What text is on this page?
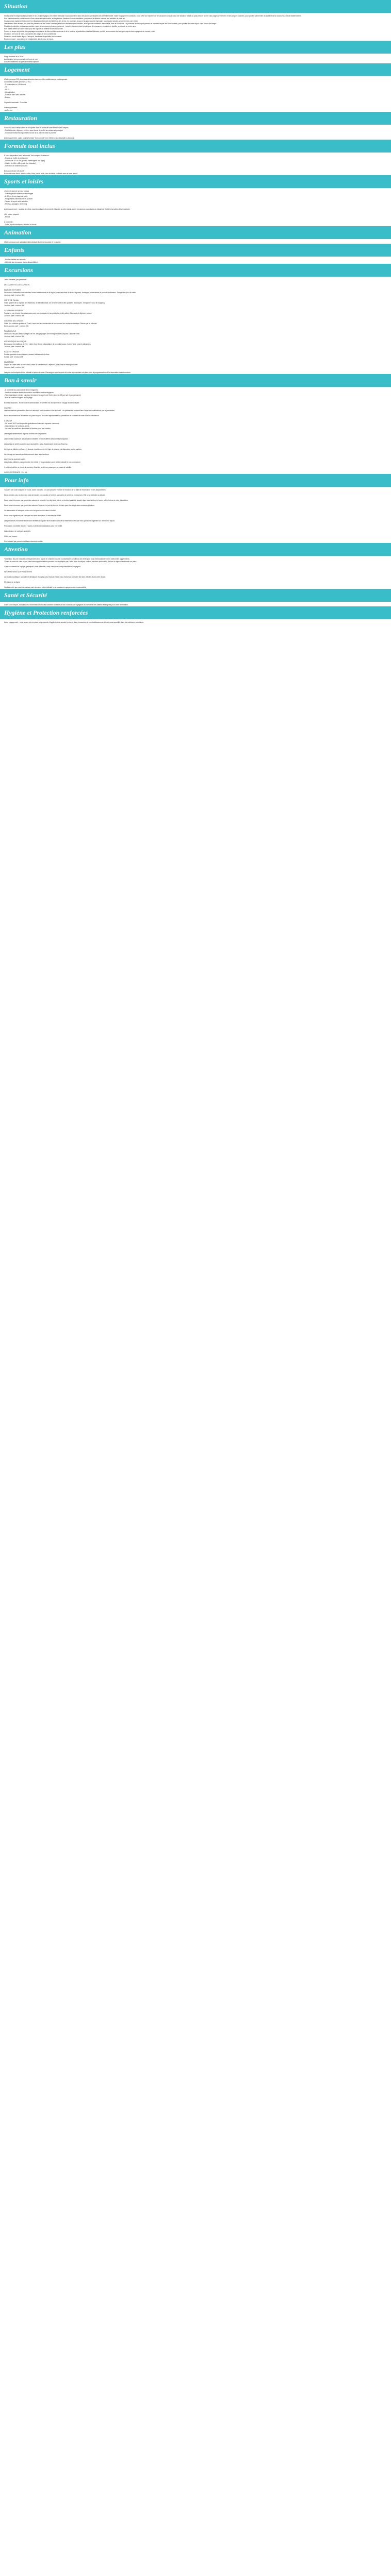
Situation
Situés dans les régions des Baléares et du Levant espagnol, les hôtels Iberostar vous accueillent dans des zones privilégiées de la Méditerranée. Notre engagement consiste à vous offrir une expérience de vacances unique avec une situation idéale au plus près de la mer, des plages préservées et des criques cachées, pour profiter pleinement du soleil et de la douceur du climat méditerranéen.
Nos établissements sont entourés d'une nature exceptionnelle, entre pinèdes, falaises et eaux cristallines, propices à la détente comme aux activités de plein air.
Vous pourrez également découvrir les villages traditionnels de l'intérieur des terres, les marchés locaux et la gastronomie régionale, à quelques minutes seulement de votre hôtel.
Les centres-villes animés, les ports de plaisance et les zones commerçantes sont facilement accessibles, ainsi que de nombreux restaurants, bars et boutiques. La proximité de l'aéroport permet un transfert rapide dès votre arrivée, pour profiter de votre séjour sans perdre de temps.
Situation privilégiée, plages accessibles à pied, environnement naturel préservé : tous les éléments sont réunis pour des vacances réussies en famille, en couple ou entre amis.
Nos hôtels offrent un cadre idéal pour les séjours de détente et de découverte.
Prenez le temps de profiter des paysages uniques de la côte méditerranéenne et de la lumière si particulière des îles Baléares, qui fait la renommée de la région auprès des voyageurs du monde entier.
Situation : en bord de mer, à proximité des plages et des commerces.
Distance : accès facile depuis l'aéroport, transferts disponibles sur demande.
Environnement : zone calme et résidentielle, idéale pour le repos.
Les plus
Plage de sable fin à 50 m
Accès direct à la promenade du bord de mer
Accueil chaleureux du personnel francophone
Logement
L'hôtel propose 290 chambres décorées dans un style méditerranéen contemporain.
Chambres doubles (environ 22 m²) :
- 2 lits simples ou 1 lit double
- TV
- Wi-Fi
- Climatisation
- Salle de bain avec douche
- Balcon
Capacité maximale : 3 adultes
Avec supplément :
- coffre-fort
Restauration
Savourez une cuisine variée et de qualité dans le cadre de votre formule tout compris.
- Petit déjeuner, déjeuner et dîner sous forme de buffet au restaurant principal
- Snacks et boissons disponibles au bar de la piscine dans la journée
Avec supplément, optez pour la formule "tout compris" (en référence au descriptif ci-dessous).
Formule tout inclus
À votre disposition avec la formule Tout compris ci-dessous :
- Repas au buffet du restaurant
- Snacks de 11h à 18h (pizzas, hamburgers, hot dogs)
- Goûter de 16h à 18h (café, thé, biscuits)
- Sélection de boissons locales
Bars ouverts de 10h à 23h :
Boissons sans alcool, bières, cafés, thés, jus de fruits, vins de table, cocktails avec et sans alcool.
Sports et loisirs
• Compris dans le prix du voyage
- Grande piscine extérieure aménagée
- À 300 m d'une plage de sable
- Programme d'animations en journée
- Terrain de sport multi-activités
- Fitness, aquagym, stretching
Avec supplément : location de vélos, sports nautiques à proximité (planche à voile, kayak, voile), excursions organisées au départ de l'hôtel (réservation à la réception).
• En option payante
- Billard
À proximité :
- Golfs, sports nautiques, balades à cheval
Animation
L'hôtel propose une animation internationale légère en journée et en soirée.
Enfants
- Piscine dédiée aux enfants
- Lit bébé (sur demande, selon disponibilités)
Excursions
Tarifs indicatifs, par personne
DÉCOUVERTE À L'EXCURSION
MARCHÉ ET FOIRES
Découvrez l'animation des marchés locaux traditionnels de la région, avec ses étals de fruits, légumes, fromages, charcuteries et produits artisanaux. Temps libre pour la visite.
Journée, tarif : environ 35€
VISITE DE PALMA
Visite guidée de la capitale des Baléares, de sa cathédrale, de la vieille ville et des quartiers historiques. Temps libre pour le shopping.
Journée, tarif : environ 45€
CATAMARAN EXPRESS
Partez en mer à bord d'un catamaran pour une excursion le long des plus belles côtes. Baignade et déjeuner à bord.
Journée, tarif : environ 65€
GROTTES DEL DRACH
Visite des célèbres grottes du Drach, avec ses lacs souterrains et son concert de musique classique. Retour par la côte est.
Demi-journée, tarif : environ 40€
TOUR DE L'ÎLE
Découvrez les plus beaux villages de l'île, ses paysages de montagne et ses criques. Déjeuner libre.
Journée, tarif : environ 55€
AUTHENTIQUE MAJORQUE
Découvrez les traditions de l'île : visite d'une ferme, dégustation de produits locaux, huile d'olive, vins et pâtisseries.
Journée, tarif : environ 50€
RANCHO GRANDE
Soirée spectacle avec chevaux, danses folkloriques et dîner.
Soirée, tarif : environ 55€
MAJORQUE
Départ de l'hôtel vers la côte ouest, visite de Valldemossa, déjeuner, puis Deià et retour par Sóller.
Journée, tarif : environ 60€
Les prix sont indiqués à titre indicatif et peuvent varier. Renseignez-vous auprès de notre représentant sur place pour la programmation et la réservation des excursions.
Bon à savoir
- À proximité du parc naturel de la Dragonera
- Accès à certaines installations selon conditions météorologiques
- Taxe touristique à régler sur place directement auprès de l'hôtel (environ 2€ par nuit et par personne)
- Pas de chaises longues sur la plage
Bonnes vacances : Nous vous recommandons de vérifier vos documents de voyage avant le départ.
Important :
Les informations présentées dans ce descriptif sont données à titre indicatif. Les prestations peuvent faire l'objet de modifications par le prestataire.
Nous recommandons de vérifier sur place auprès de votre représentant les prestations et horaires de votre hôtel ou résidence.
À SAVOIR
- Un accès Wi-Fi est disponible gratuitement dans les espaces communs.
- Les animaux ne sont pas admis.
- La carte de crédit est demandée à l'arrivée pour une caution.
Les règles sanitaires en vigueur doivent être respectées.
Les normes locales de classification hôtelière peuvent différer des normes françaises.
Les cartes de crédit suivantes sont acceptées : Visa, Mastercard, American Express.
Le linge de toilette est fourni et changé régulièrement. Le linge de piscine est disponible contre caution.
Le ménage est assuré quotidiennement dans les chambres.
PRÉCISION IMPORTANTE :
Les photos utilisées pour présenter les hôtels et les prestations sont à titre indicatif et non contractuel.
Il est impératif de se munir de sa carte d'identité ou de son passeport en cours de validité.
CODE RÉFÉRENCE : 294 VA
Pour info
Tous les prix sont indiqués en euros, taxes incluses. Les prix peuvent évoluer en fonction de la date de réservation et des disponibilités.
Dans certains cas, la réception peut demander une caution à l'arrivée, par carte de crédit ou en espèces. Elle sera restituée au départ.
Nous vous informons que, pour des raisons de sécurité, les objets de valeur ne doivent pas être laissés dans les chambres et qu'un coffre-fort est à votre disposition.
Nous vous informons que, pour des raisons d'hygiène, le port du bonnet de bain peut être exigé dans certaines piscines.
La restauration à l'aéroport ou en vol n'est pas incluse dans le forfait.
Nous vous signalons que l'aéroport est situé à environ 30 minutes de l'hôtel.
Les personnes à mobilité réduite sont invitées à signaler leur situation lors de la réservation afin que nous puissions organiser au mieux leur séjour.
Personnes à mobilité réduite : l'accès à certaines installations peut être limité.
Les animaux ne sont pas acceptés.
Hôtel non fumeur.
Prix indicatif par personne et base chambre double.
Attention
* Attention, les prix indiqués correspondent à un séjour en chambre double. Consultez les conditions de vente pour plus d'informations sur les tarifs et les suppléments.
* Dans le cadre de votre séjour, des frais supplémentaires peuvent être appliqués par l'hôtel (taxe de séjour, caution, services optionnels). Ils sont à régler directement sur place.
* Les documents de voyage (passeport, carte d'identité, visa) sont sous la responsabilité du voyageur.
INFORMATIONS AUX VOYAGEURS
La situation politique, sanitaire et climatique d'un pays peut évoluer. Nous vous invitons à consulter les sites officiels avant votre départ.
Ministère de la Santé
Veuillez noter que ces informations sont données à titre indicatif et ne sauraient engager notre responsabilité.
Santé et Sécurité
Avant votre départ, consultez les recommandations des autorités sanitaires et les conseils aux voyageurs du ministère des Affaires étrangères pour votre destination.
Hygiène et Protection renforcées
Notre engagement : nous avons mis en place un protocole d'hygiène et de sécurité renforcé dans l'ensemble de nos établissements afin de vous accueillir dans les meilleures conditions.
